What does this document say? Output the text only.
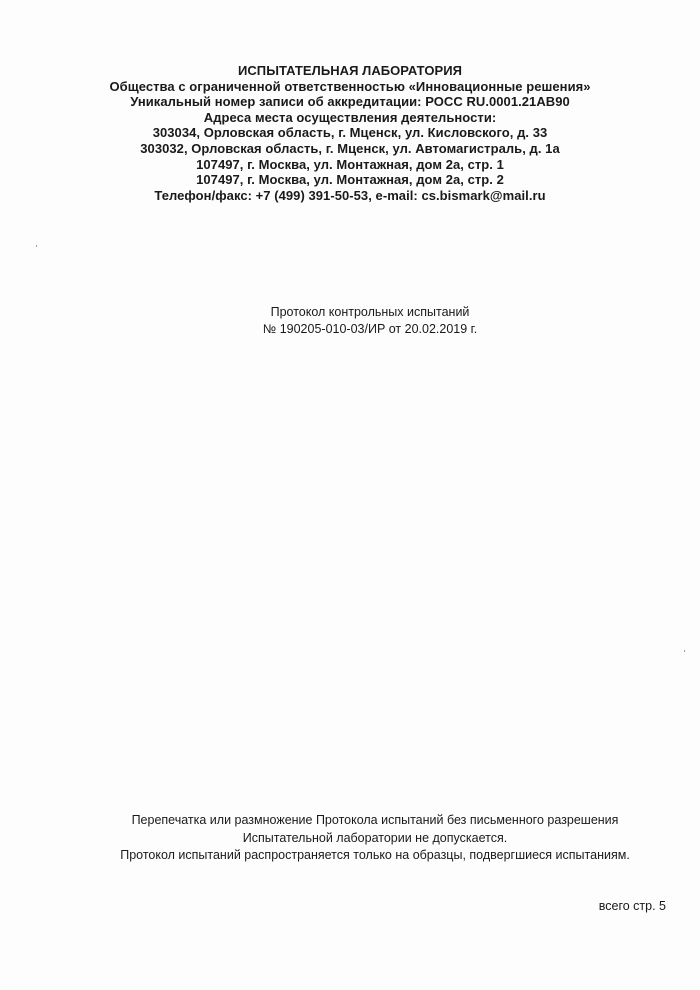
ИСПЫТАТЕЛЬНАЯ ЛАБОРАТОРИЯ
Общества с ограниченной ответственностью «Инновационные решения»
Уникальный номер записи об аккредитации: РОСС RU.0001.21АВ90
Адреса места осуществления деятельности:
303034, Орловская область, г. Мценск, ул. Кисловского, д. 33
303032, Орловская область, г. Мценск, ул. Автомагистраль, д. 1а
107497, г. Москва, ул. Монтажная, дом 2а, стр. 1
107497, г. Москва, ул. Монтажная, дом 2а, стр. 2
Телефон/факс: +7 (499) 391-50-53, e-mail: cs.bismark@mail.ru
Протокол контрольных испытаний
№ 190205-010-03/ИР от 20.02.2019 г.
Перепечатка или размножение Протокола испытаний без письменного разрешения
Испытательной лаборатории не допускается.
Протокол испытаний распространяется только на образцы, подвергшиеся испытаниям.
всего стр. 5
